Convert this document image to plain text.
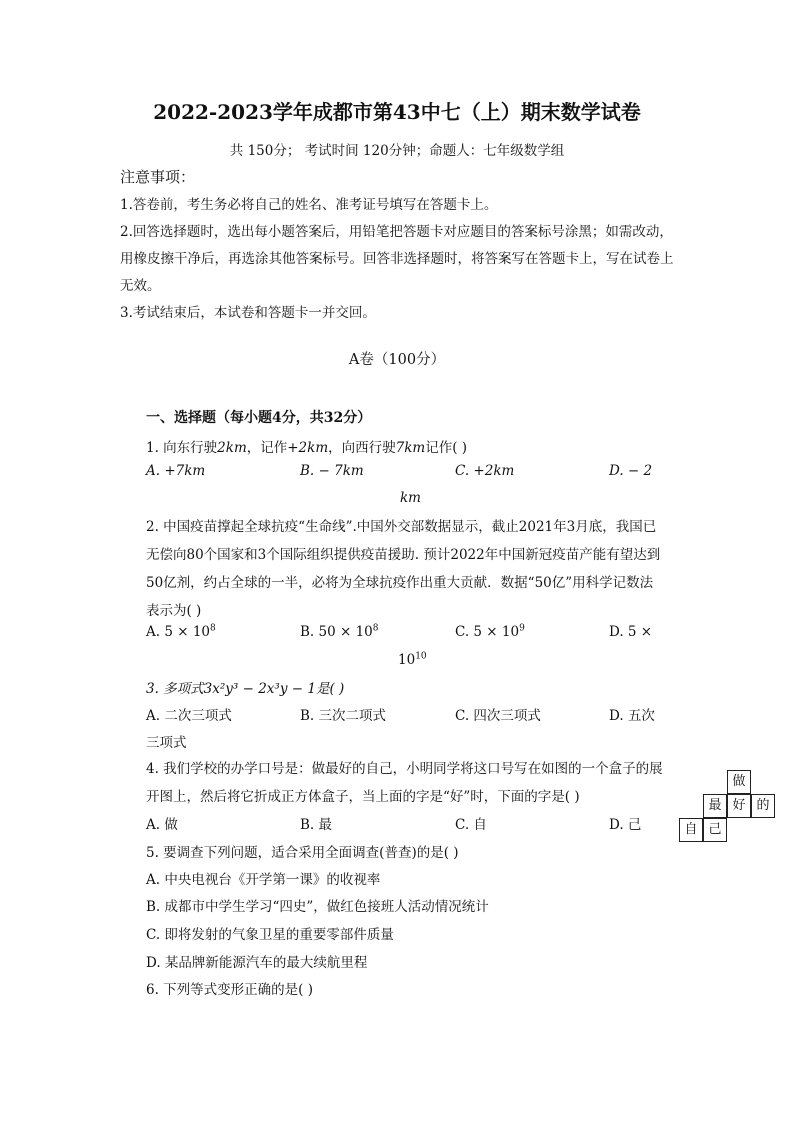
2022-2023学年成都市第43中七（上）期末数学试卷
共 150分； 考试时间 120分钟；命题人：七年级数学组
注意事项：
1.答卷前，考生务必将自己的姓名、准考证号填写在答题卡上。
2.回答选择题时，选出每小题答案后，用铅笔把答题卡对应题目的答案标号涂黑；如需改动，用橡皮擦干净后，再选涂其他答案标号。回答非选择题时，将答案写在答题卡上，写在试卷上无效。
3.考试结束后，本试卷和答题卡一并交回。
A卷（100分）
一、选择题（每小题4分，共32分）
1. 向东行驶2km，记作+2km，向西行驶7km记作( )
A. +7km	B. − 7km	C. +2km	D. − 2
km
2. 中国疫苗撑起全球抗疫“生命线”.中国外交部数据显示，截止2021年3月底，我国已无偿向80个国家和3个国际组织提供疫苗援助. 预计2022年中国新冠疫苗产能有望达到50亿剂，约占全球的一半，必将为全球抗疫作出重大贡献．数据“50亿”用科学记数法表示为( )
A. $5 \times 10^8$	B. $50 \times 10^8$	C. $5 \times 10^9$	D. 5 ×
$10^{10}$
3. 多项式3x²y³ − 2x³y − 1是( )
A. 二次三项式	B. 三次二项式	C. 四次三项式	D. 五次
三项式
4. 我们学校的办学口号是：做最好的自己，小明同学将这口号写在如图的一个盒子的展开图上，然后将它折成正方体盒子，当上面的字是“好”时，下面的字是( )
A. 做	B. 最	C. 自	D. 己
做
最 好 的
自 己
5. 要调查下列问题，适合采用全面调查(普查)的是( )
A. 中央电视台《开学第一课》的收视率
B. 成都市中学生学习“四史”，做红色接班人活动情况统计
C. 即将发射的气象卫星的重要零部件质量
D. 某品牌新能源汽车的最大续航里程
6. 下列等式变形正确的是( )
